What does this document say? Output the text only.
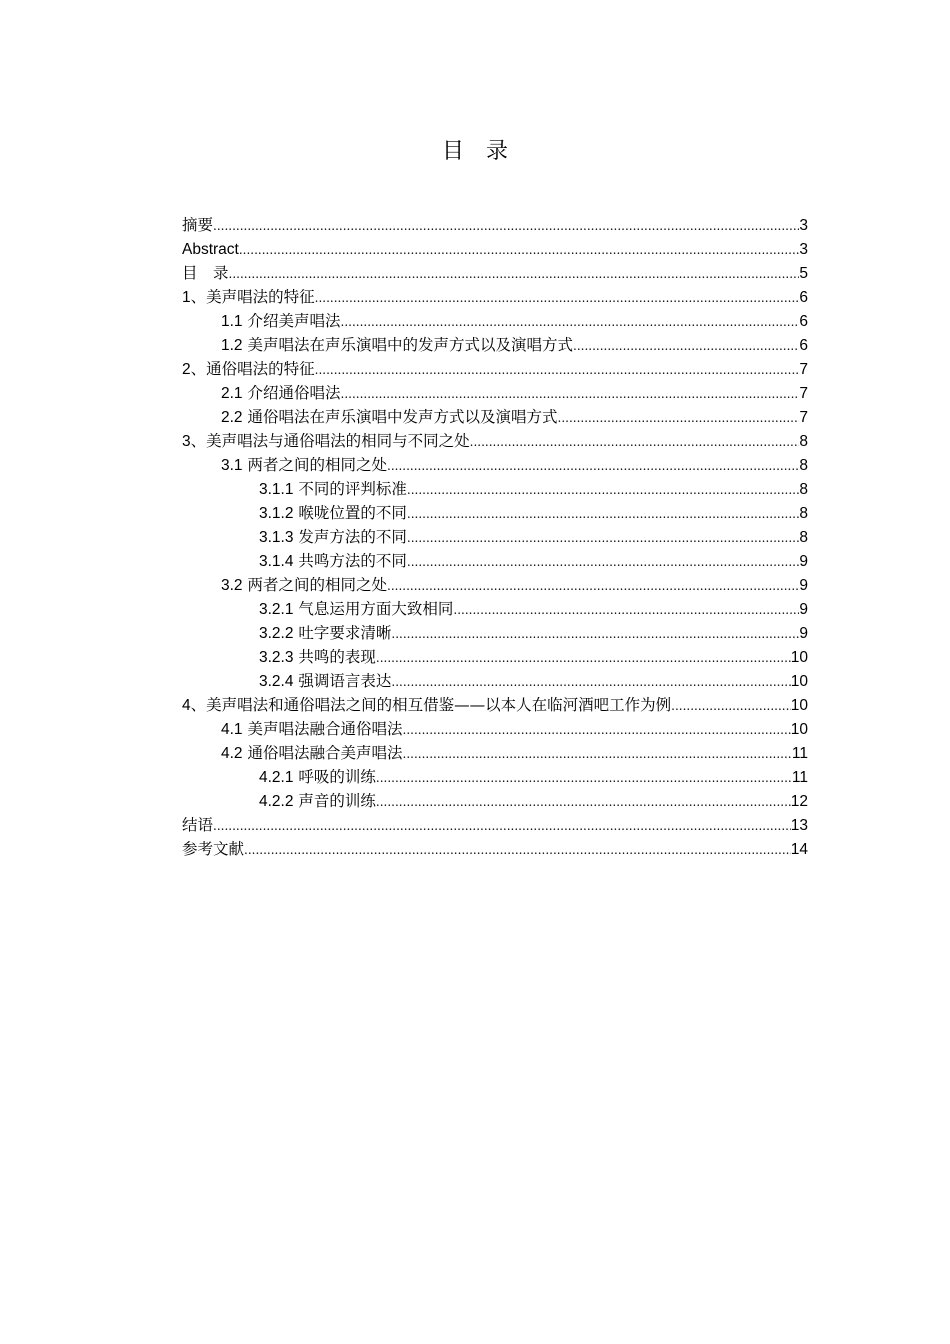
目　录
摘要 .....	3
Abstract .....	3
目　录 .....	5
1、美声唱法的特征 .....	6
1.1 介绍美声唱法 .....	6
1.2 美声唱法在声乐演唱中的发声方式以及演唱方式 .....	6
2、通俗唱法的特征 .....	7
2.1 介绍通俗唱法 .....	7
2.2 通俗唱法在声乐演唱中发声方式以及演唱方式 .....	7
3、美声唱法与通俗唱法的相同与不同之处 .....	8
3.1 两者之间的相同之处 .....	8
3.1.1 不同的评判标准 .....	8
3.1.2 喉咙位置的不同 .....	8
3.1.3 发声方法的不同 .....	8
3.1.4 共鸣方法的不同 .....	9
3.2 两者之间的相同之处 .....	9
3.2.1 气息运用方面大致相同 .....	9
3.2.2 吐字要求清晰 .....	9
3.2.3 共鸣的表现 .....	10
3.2.4 强调语言表达 .....	10
4、美声唱法和通俗唱法之间的相互借鉴——以本人在临河酒吧工作为例 .....	10
4.1 美声唱法融合通俗唱法 .....	10
4.2 通俗唱法融合美声唱法 .....	11
4.2.1 呼吸的训练 .....	11
4.2.2 声音的训练 .....	12
结语 .....	13
参考文献 .....	14
